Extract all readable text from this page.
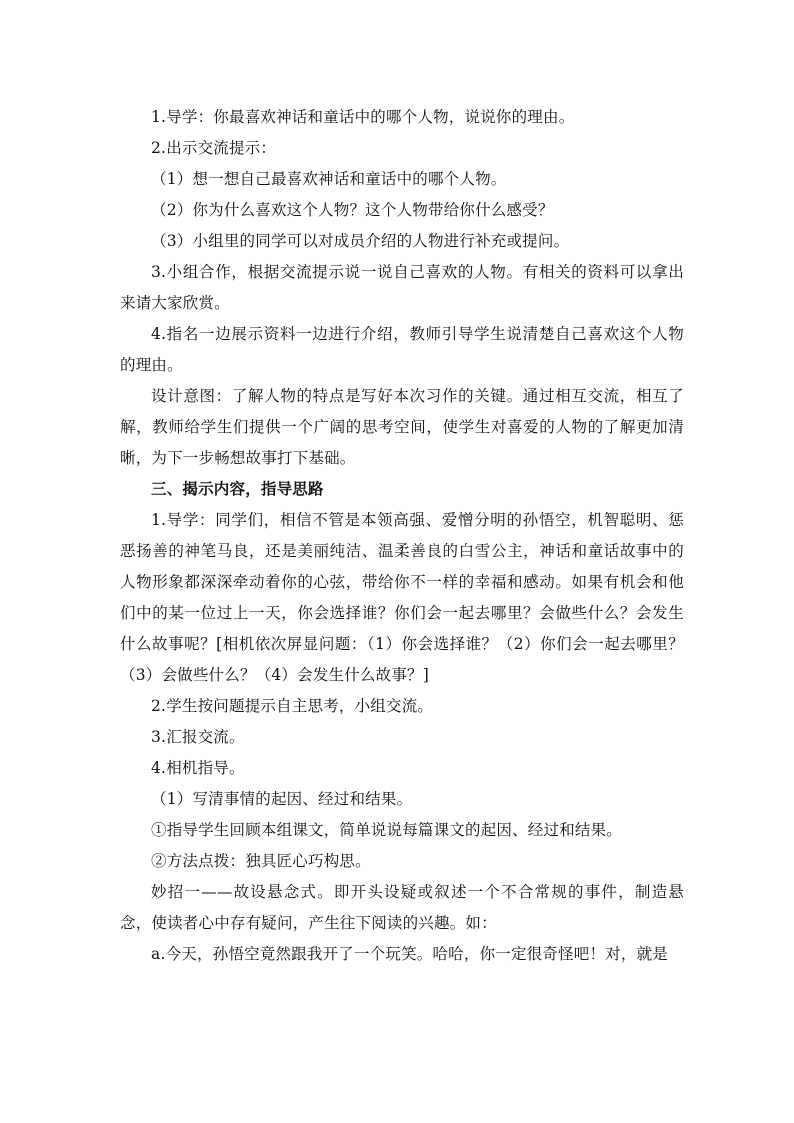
1.导学：你最喜欢神话和童话中的哪个人物，说说你的理由。

2.出示交流提示：

（1）想一想自己最喜欢神话和童话中的哪个人物。

（2）你为什么喜欢这个人物？这个人物带给你什么感受？

（3）小组里的同学可以对成员介绍的人物进行补充或提问。

3.小组合作，根据交流提示说一说自己喜欢的人物。有相关的资料可以拿出来请大家欣赏。

4.指名一边展示资料一边进行介绍，教师引导学生说清楚自己喜欢这个人物的理由。

设计意图：了解人物的特点是写好本次习作的关键。通过相互交流，相互了解，教师给学生们提供一个广阔的思考空间，使学生对喜爱的人物的了解更加清晰，为下一步畅想故事打下基础。

三、揭示内容，指导思路

1.导学：同学们，相信不管是本领高强、爱憎分明的孙悟空，机智聪明、惩恶扬善的神笔马良，还是美丽纯洁、温柔善良的白雪公主，神话和童话故事中的人物形象都深深牵动着你的心弦，带给你不一样的幸福和感动。如果有机会和他们中的某一位过上一天，你会选择谁？你们会一起去哪里？会做些什么？会发生什么故事呢？[相机依次屏显问题：（1）你会选择谁？（2）你们会一起去哪里？（3）会做些什么？（4）会发生什么故事？]

2.学生按问题提示自主思考，小组交流。

3.汇报交流。

4.相机指导。

（1）写清事情的起因、经过和结果。

①指导学生回顾本组课文，简单说说每篇课文的起因、经过和结果。

②方法点拨：独具匠心巧构思。

妙招一——故设悬念式。即开头设疑或叙述一个不合常规的事件，制造悬念，使读者心中存有疑问，产生往下阅读的兴趣。如：

a.今天，孙悟空竟然跟我开了一个玩笑。哈哈，你一定很奇怪吧！对，就是
